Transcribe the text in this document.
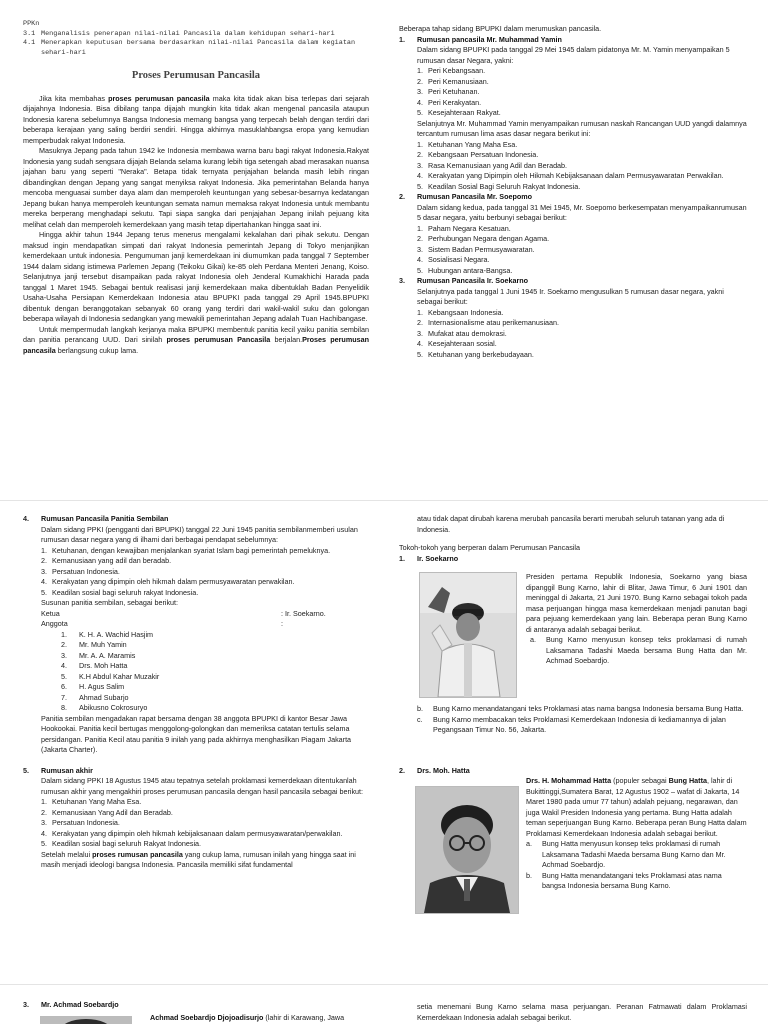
PPKn
3.1 Menganalisis penerapan nilai-nilai Pancasila dalam kehidupan sehari-hari
4.1 Menerapkan keputusan bersama berdasarkan nilai-nilai Pancasila dalam kegiatan sehari-hari
Proses Perumusan Pancasila

Jika kita membahas proses perumusan pancasila maka kita tidak akan bisa terlepas dari sejarah dijajahnya Indonesia. Bisa dibilang tanpa dijajah mungkin kita tidak akan mengenal pancasila ataupun Indonesia karena sebelumnya Bangsa Indonesia memang bangsa yang terpecah belah dengan terdiri dari beberapa kerajaan yang saling berdiri sendiri. Hingga akhirnya masuklahbangsa eropa yang kemudian memperbudak rakyat Indonesia.

Masuknya Jepang pada tahun 1942 ke Indonesia membawa warna baru bagi rakyat Indonesia.Rakyat Indonesia yang sudah sengsara dijajah Belanda selama kurang lebih tiga setengah abad merasakan nuansa jajahan baru yang seperti "Neraka". Betapa tidak ternyata penjajahan belanda masih lebih ringan dibandingkan dengan Jepang yang sangat menyiksa rakyat Indonesia. Jika pemerintahan Belanda hanya mencoba menguasai sumber daya alam dan memperoleh keuntungan yang sebesar-besarnya kedatangan Jepang bukan hanya memperoleh keuntungan semata namun memaksa rakyat Indonesia untuk membantu mereka berperang menghadapi sekutu. Tapi siapa sangka dari penjajahan Jepang inilah pejuang kita melihat celah dan memperoleh kemerdekaan yang masih tetap dipertahankan hingga saat ini.

Hingga akhir tahun 1944 Jepang terus menerus mengalami kekalahan dari pihak sekutu. Dengan maksud ingin mendapatkan simpati dari rakyat Indonesia pemerintah Jepang di Tokyo menjanjikan kemerdekaan untuk indonesia. Pengumuman janji kemerdekaan ini diumumkan pada tanggal 7 September 1944 dalam sidang istimewa Parlemen Jepang (Teikoku Gikai) ke-85 oleh Perdana Menteri Jenang, Koiso. Selanjutnya janji tersebut disampaikan pada rakyat Indonesia oleh Jenderal Kumakhichi Harada pada tanggal 1 Maret 1945. Sebagai bentuk realisasi janji kemerdekaan maka dibentuklah Badan Penyelidik Usaha-Usaha Persiapan Kemerdekaan Indonesia atau BPUPKI pada tanggal 29 April 1945.BPUPKI dibentuk dengan beranggotakan sebanyak 60 orang yang terdiri dari wakil-wakil suku dan golongan beberapa wilayah di Indonesia sedangkan yang mewakili pemerintahan Jepang adalah Tuan Hachibangase.

Untuk mempermudah langkah kerjanya maka BPUPKI membentuk panitia kecil yaiku panitia sembilan dan panitia perancang UUD. Dari sinilah proses perumusan Pancasila berjalan.Proses perumusan pancasila berlangsung cukup lama.

Beberapa tahap sidang BPUPKI dalam merumuskan pancasila.
1.	Rumusan pancasila Mr. Muhammad Yamin
Dalam sidang BPUPKI pada tanggal 29 Mei 1945 dalam pidatonya Mr. M. Yamin menyampaikan 5 rumusan dasar Negara, yakni:
1. Peri Kebangsaan.
2. Peri Kemanusiaan.
3. Peri Ketuhanan.
4. Peri Kerakyatan.
5. Kesejahteraan Rakyat.
Selanjutnya Mr. Muhammad Yamin menyampaikan rumusan naskah Rancangan UUD yangdi dalamnya tercantum rumusan lima asas dasar negara berikut ini:
1. Ketuhanan Yang Maha Esa.
2. Kebangsaan Persatuan Indonesia.
3. Rasa Kemanusiaan yang Adil dan Beradab.
4. Kerakyatan yang Dipimpin oleh Hikmah Kebijaksanaan dalam Permusyawaratan Perwakilan.
5. Keadilan Sosial Bagi Seluruh Rakyat Indonesia.
2.	Rumusan Pancasila Mr. Soepomo
Dalam sidang kedua, pada tanggal 31 Mei 1945, Mr. Soepomo berkesempatan menyampaikanrumusan 5 dasar negara, yaitu berbunyi sebagai berikut:
1. Paham Negara Kesatuan.
2. Perhubungan Negara dengan Agama.
3. Sistem Badan Permusyawaratan.
4. Sosialisasi Negara.
5. Hubungan antara-Bangsa.
3.	Rumusan Pancasila Ir. Soekarno
Selanjutnya pada tanggal 1 Juni 1945 Ir. Soekarno mengusulkan 5 rumusan dasar negara, yakni sebagai berikut:
1. Kebangsaan Indonesia.
2. Internasionalisme atau perikemanusiaan.
3. Mufakat atau demokrasi.
4. Kesejahteraan sosial.
5. Ketuhanan yang berkebudayaan.
4.	Rumusan Pancasila Panitia Sembilan
Dalam sidang PPKI (pengganti dari BPUPKI) tanggal 22 Juni 1945 panitia sembilanmemberi usulan rumusan dasar negara yang di ilhami dari berbagai pendapat sebelumnya:
1. Ketuhanan, dengan kewajiban menjalankan syariat Islam bagi pemerintah pemeluknya.
2. Kemanusiaan yang adil dan beradab.
3. Persatuan Indonesia.
4. Kerakyatan yang dipimpin oleh hikmah dalam permusyawaratan perwakilan.
5. Keadilan sosial bagi seluruh rakyat Indonesia.
Susunan panitia sembilan, sebagai berikut:
Ketua	: Ir. Soekarno.
Anggota	:
1.	K. H. A. Wachid Hasjim
2.	Mr. Muh Yamin
3.	Mr. A. A. Maramis
4.	Drs. Moh Hatta
5.	K.H Abdul Kahar Muzakir
6.	H. Agus Salim
7.	Ahmad Subarjo
8.	Abikusno Cokrosuryo
Panitia sembilan mengadakan rapat bersama dengan 38 anggota BPUPKI di kantor Besar Jawa Hookookai. Panitia kecil bertugas menggolong-golongkan dan memeriksa catatan tertulis selama persidangan. Panitia Kecil atau panitia 9 inilah yang pada akhirnya menghasilkan Piagam Jakarta (Jakarta Charter).
5.	Rumusan akhir
Dalam sidang PPKI 18 Agustus 1945 atau tepatnya setelah proklamasi kemerdekaan ditentukanlah rumusan akhir yang mengakhiri proses perumusan pancasila dengan hasil pancasila sebagai berikut:
1. Ketuhanan Yang Maha Esa.
2. Kemanusiaan Yang Adil dan Beradab.
3. Persatuan Indonesia.
4. Kerakyatan yang dipimpin oleh hikmah kebijaksanaan dalam permusyawaratan/perwakilan.
5. Keadilan sosial bagi seluruh Rakyat Indonesia.
Setelah melalui proses rumusan pancasila yang cukup lama, rumusan inilah yang hingga saat ini masih menjadi ideologi bangsa Indonesia. Pancasila memiliki sifat fundamental
atau tidak dapat dirubah karena merubah pancasila berarti merubah seluruh tatanan yang ada di Indonesia.
Tokoh-tokoh yang berperan dalam Perumusan Pancasila
1.	Ir. Soekarno
Presiden pertama Republik Indonesia, Soekarno yang biasa dipanggil Bung Karno, lahir di Blitar, Jawa Timur, 6 Juni 1901 dan meninggal di Jakarta, 21 Juni 1970. Bung Karno sebagai tokoh pada masa perjuangan hingga masa kemerdekaan menjadi panutan bagi para pejuang kemerdekaan yang lain. Beberapa peran Bung Karno di antaranya adalah sebagai berikut.
a.	Bung Karno menyusun konsep teks proklamasi di rumah Laksamana Tadashi Maeda bersama Bung Hatta dan Mr. Achmad Soebardjo.
b.	Bung Karno menandatangani teks Proklamasi atas nama bangsa Indonesia bersama Bung Hatta.
c.	Bung Karno membacakan teks Proklamasi Kemerdekaan Indonesia di kediamannya di jalan Pegangsaan Timur No. 56, Jakarta.
2.	Drs. Moh. Hatta
Drs. H. Mohammad Hatta (populer sebagai Bung Hatta, lahir di Bukittinggi,Sumatera Barat, 12 Agustus 1902 – wafat di Jakarta, 14 Maret 1980 pada umur 77 tahun) adalah pejuang, negarawan, dan juga Wakil Presiden Indonesia yang pertama. Bung Hatta adalah teman seperjuangan Bung Karno. Beberapa peran Bung Hatta dalam Proklamasi Kemerdekaan Indonesia adalah sebagai berikut.
a.	Bung Hatta menyusun konsep teks proklamasi di rumah Laksamana Tadashi Maeda bersama Bung Karno dan Mr. Achmad Soebardjo.
b.	Bung Hatta menandatangani teks Proklamasi atas nama bangsa Indonesia bersama Bung Karno.
3.	Mr. Achmad Soebardjo
Achmad Soebardjo Djojoadisurjo (lahir di Karawang, Jawa
setia menemani Bung Karno selama masa perjuangan. Peranan Fatmawati dalam Proklamasi Kemerdekaan Indonesia adalah sebagai berikut.
